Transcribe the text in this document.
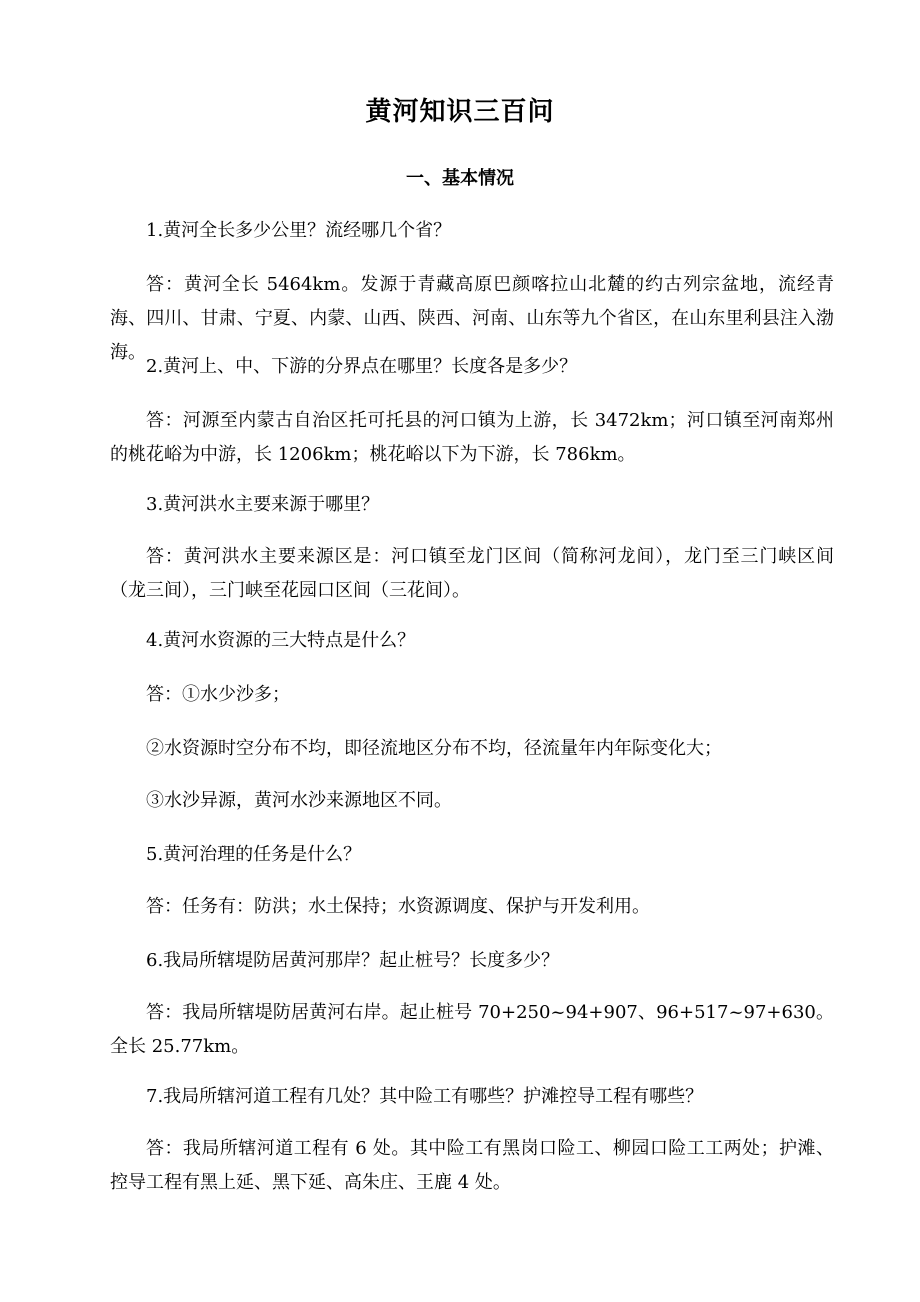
黄河知识三百问
一、基本情况

1.黄河全长多少公里？流经哪几个省？

答：黄河全长 5464km。发源于青藏高原巴颜喀拉山北麓的约古列宗盆地，流经青海、四川、甘肃、宁夏、内蒙、山西、陕西、河南、山东等九个省区，在山东里利县注入渤海。

2.黄河上、中、下游的分界点在哪里？长度各是多少？

答：河源至内蒙古自治区托可托县的河口镇为上游，长 3472km；河口镇至河南郑州的桃花峪为中游，长 1206km；桃花峪以下为下游，长 786km。

3.黄河洪水主要来源于哪里？

答：黄河洪水主要来源区是：河口镇至龙门区间（简称河龙间），龙门至三门峡区间（龙三间），三门峡至花园口区间（三花间）。

4.黄河水资源的三大特点是什么？

答：①水少沙多；

②水资源时空分布不均，即径流地区分布不均，径流量年内年际变化大；

③水沙异源，黄河水沙来源地区不同。

5.黄河治理的任务是什么？

答：任务有：防洪；水土保持；水资源调度、保护与开发利用。

6.我局所辖堤防居黄河那岸？起止桩号？长度多少？

答：我局所辖堤防居黄河右岸。起止桩号 70+250~94+907、96+517~97+630。全长 25.77km。

7.我局所辖河道工程有几处？其中险工有哪些？护滩控导工程有哪些？

答：我局所辖河道工程有 6 处。其中险工有黑岗口险工、柳园口险工工两处；护滩、控导工程有黑上延、黑下延、高朱庄、王鹿 4 处。
